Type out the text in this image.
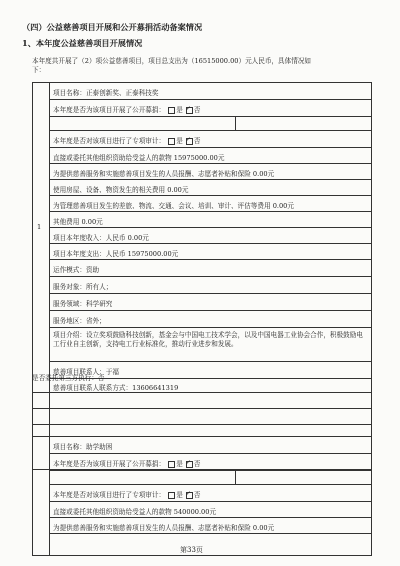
（四）公益慈善项目开展和公开募捐活动备案情况
1、本年度公益慈善项目开展情况
本年度共开展了（2）项公益慈善项目，项目总支出为（16515000.00）元人民币，具体情况如
下：
1
项目名称：正泰创新奖、正泰科技奖
本年度是否为该项目开展了公开募捐： 是 ✓ 否
本年度是否对该项目进行了专项审计： 是 ✓ 否
直接或委托其他组织资助给受益人的款物 15975000.00元
为提供慈善服务和实施慈善项目发生的人员报酬、志愿者补贴和保险 0.00元
使用房屋、设备、物资发生的相关费用 0.00元
为管理慈善项目发生的差旅、物流、交通、会议、培训、审计、评估等费用 0.00元
其他费用 0.00元
项目本年度收入：人民币 0.00元
项目本年度支出：人民币 15975000.00元
运作模式：资助
服务对象：所有人；
服务领域：科学研究
服务地区：省外；
项目介绍：设立奖项鼓励科技创新，基金会与中国电工技术学会，以及中国电器工业协会合作，积极鼓励电工行业自主创新，支持电工行业标准化，推动行业进步和发展。
慈善项目联系人：于福
慈善项目联系人联系方式：13606641319
是否委托第三方执行：否
项目名称：助学助困
本年度是否为该项目开展了公开募捐： 是 ✓ 否
本年度是否对该项目进行了专项审计： 是 ✓ 否
直接或委托其他组织资助给受益人的款物 540000.00元
为提供慈善服务和实施慈善项目发生的人员报酬、志愿者补贴和保险 0.00元
第33页
